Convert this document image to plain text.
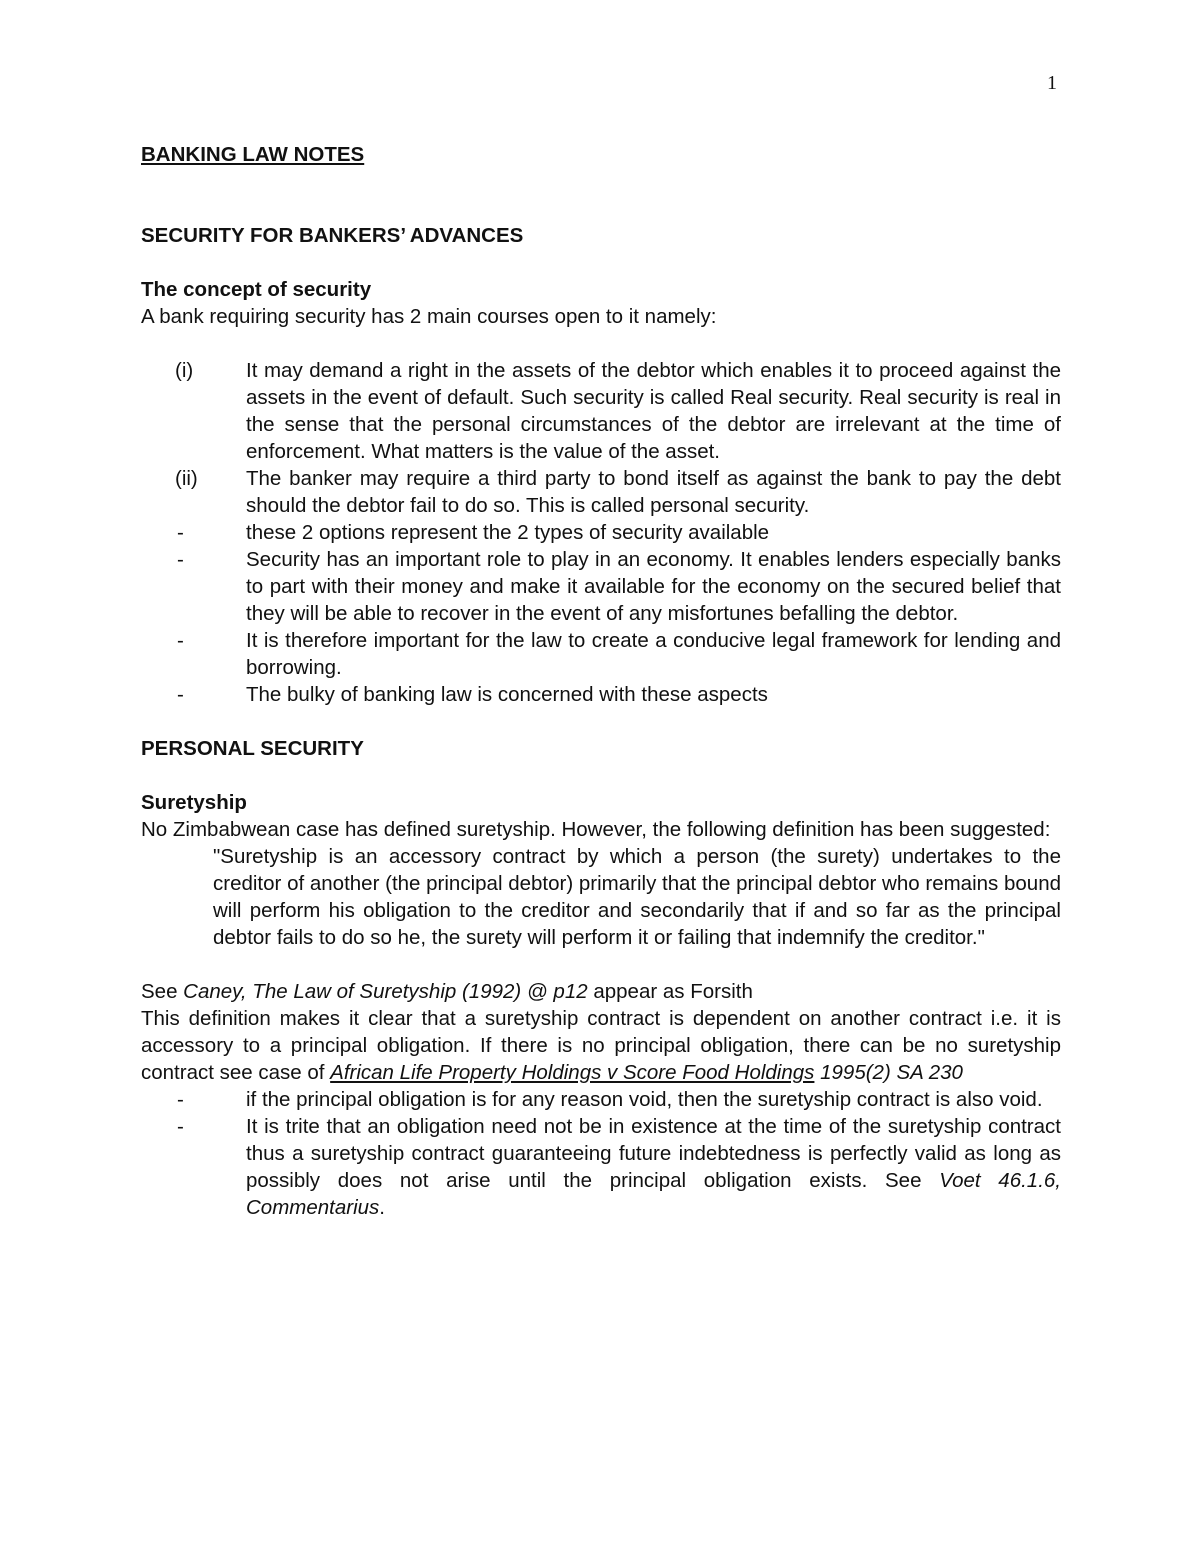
1
BANKING LAW NOTES
SECURITY FOR BANKERS’ ADVANCES
The concept of security
A bank requiring security has 2 main courses open to it namely:
(i)	It may demand a right in the assets of the debtor which enables it to proceed against the assets in the event of default. Such security is called Real security. Real security is real in the sense that the personal circumstances of the debtor are irrelevant at the time of enforcement. What matters is the value of the asset.
(ii) The banker may require a third party to bond itself as against the bank to pay the debt should the debtor fail to do so. This is called personal security.
-	these 2 options represent the 2 types of security available
-	Security has an important role to play in an economy. It enables lenders especially banks to part with their money and make it available for the economy on the secured belief that they will be able to recover in the event of any misfortunes befalling the debtor.
-	It is therefore important for the law to create a conducive legal framework for lending and borrowing.
-	The bulky of banking law is concerned with these aspects
PERSONAL SECURITY
Suretyship
No Zimbabwean case has defined suretyship. However, the following definition has been suggested:
"Suretyship is an accessory contract by which a person (the surety) undertakes to the creditor of another (the principal debtor) primarily that the principal debtor who remains bound will perform his obligation to the creditor and secondarily that if and so far as the principal debtor fails to do so he, the surety will perform it or failing that indemnify the creditor."
See Caney, The Law of Suretyship (1992) @ p12 appear as Forsith
This definition makes it clear that a suretyship contract is dependent on another contract i.e. it is accessory to a principal obligation. If there is no principal obligation, there can be no suretyship contract see case of African Life Property Holdings v Score Food Holdings 1995(2) SA 230
-	if the principal obligation is for any reason void, then the suretyship contract is also void.
-	It is trite that an obligation need not be in existence at the time of the suretyship contract thus a suretyship contract guaranteeing future indebtedness is perfectly valid as long as possibly does not arise until the principal obligation exists. See Voet 46.1.6, Commentarius.
